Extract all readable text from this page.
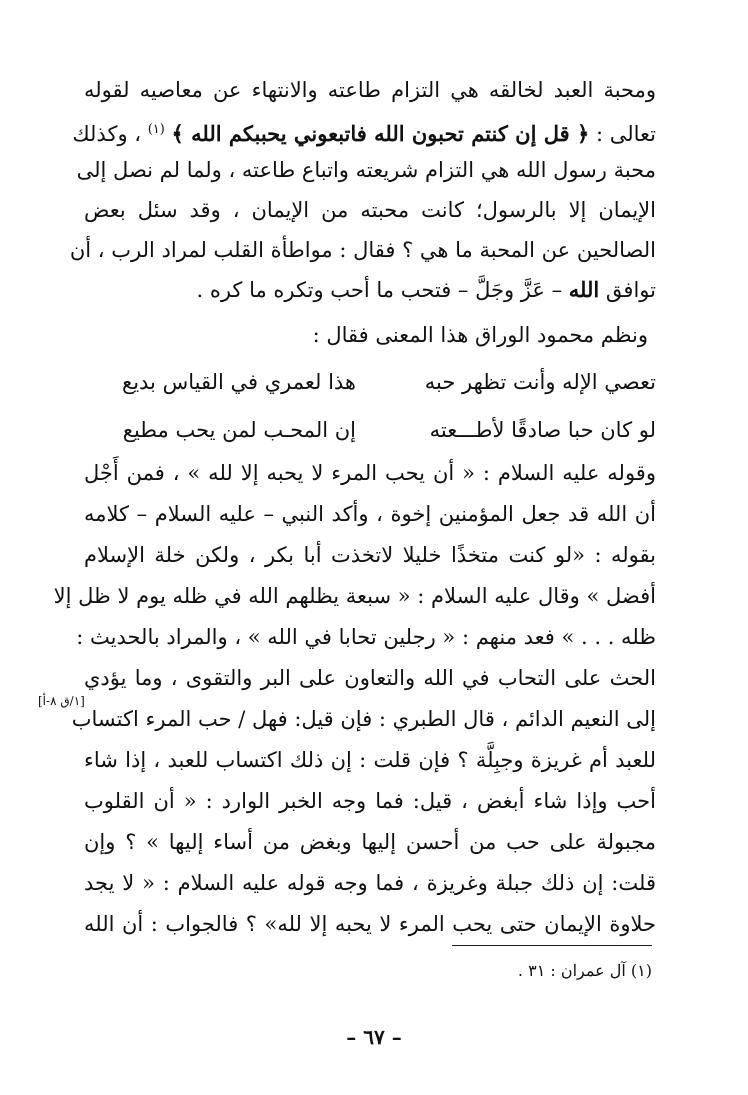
ومحبة العبد لخالقه هي التزام طاعته والانتهاء عن معاصيه لقوله
تعالى : ﴿ قل إن كنتم تحبون الله فاتبعوني يحببكم الله ﴾ $^{(١)}$ ، وكذلك
محبة رسول الله هي التزام شريعته واتباع طاعته ، ولما لم نصل إلى
الإيمان إلا بالرسول؛ كانت محبته من الإيمان ، وقد سئل بعض
الصالحين عن المحبة ما هي ؟ فقال : مواطأة القلب لمراد الرب ، أن
توافق الله – عَزَّ وجَلَّ – فتحب ما أحب وتكره ما كره .
ونظم محمود الوراق هذا المعنى فقال :
تعصي الإله وأنت تظهر حبه
هذا لعمري في القياس بديع
لو كان حبا صادقًا لأطـــعته
إن المحـب لمن يحب مطيع
وقوله عليه السلام : « أن يحب المرء لا يحبه إلا لله » ، فمن أَجْل
أن الله قد جعل المؤمنين إخوة ، وأكد النبي – عليه السلام – كلامه
بقوله : «لو كنت متخذًا خليلا لاتخذت أبا بكر ، ولكن خلة الإسلام
أفضل » وقال عليه السلام : « سبعة يظلهم الله في ظله يوم لا ظل إلا
ظله . . . » فعد منهم : « رجلين تحابا في الله » ، والمراد بالحديث :
الحث على التحاب في الله والتعاون على البر والتقوى ، وما يؤدي
إلى النعيم الدائم ، قال الطبري : فإن قيل: فهل / حب المرء اكتساب
للعبد أم غريزة وجبِلَّة ؟ فإن قلت : إن ذلك اكتساب للعبد ، إذا شاء
أحب وإذا شاء أبغض ، قيل: فما وجه الخبر الوارد : « أن القلوب
مجبولة على حب من أحسن إليها وبغض من أساء إليها » ؟ وإن
قلت: إن ذلك جبلة وغريزة ، فما وجه قوله عليه السلام : « لا يجد
حلاوة الإيمان حتى يحب المرء لا يحبه إلا لله» ؟ فالجواب : أن الله
[١/ق ٨-أ]
(١) آل عمران : ٣١ .
– ٦٧ –
